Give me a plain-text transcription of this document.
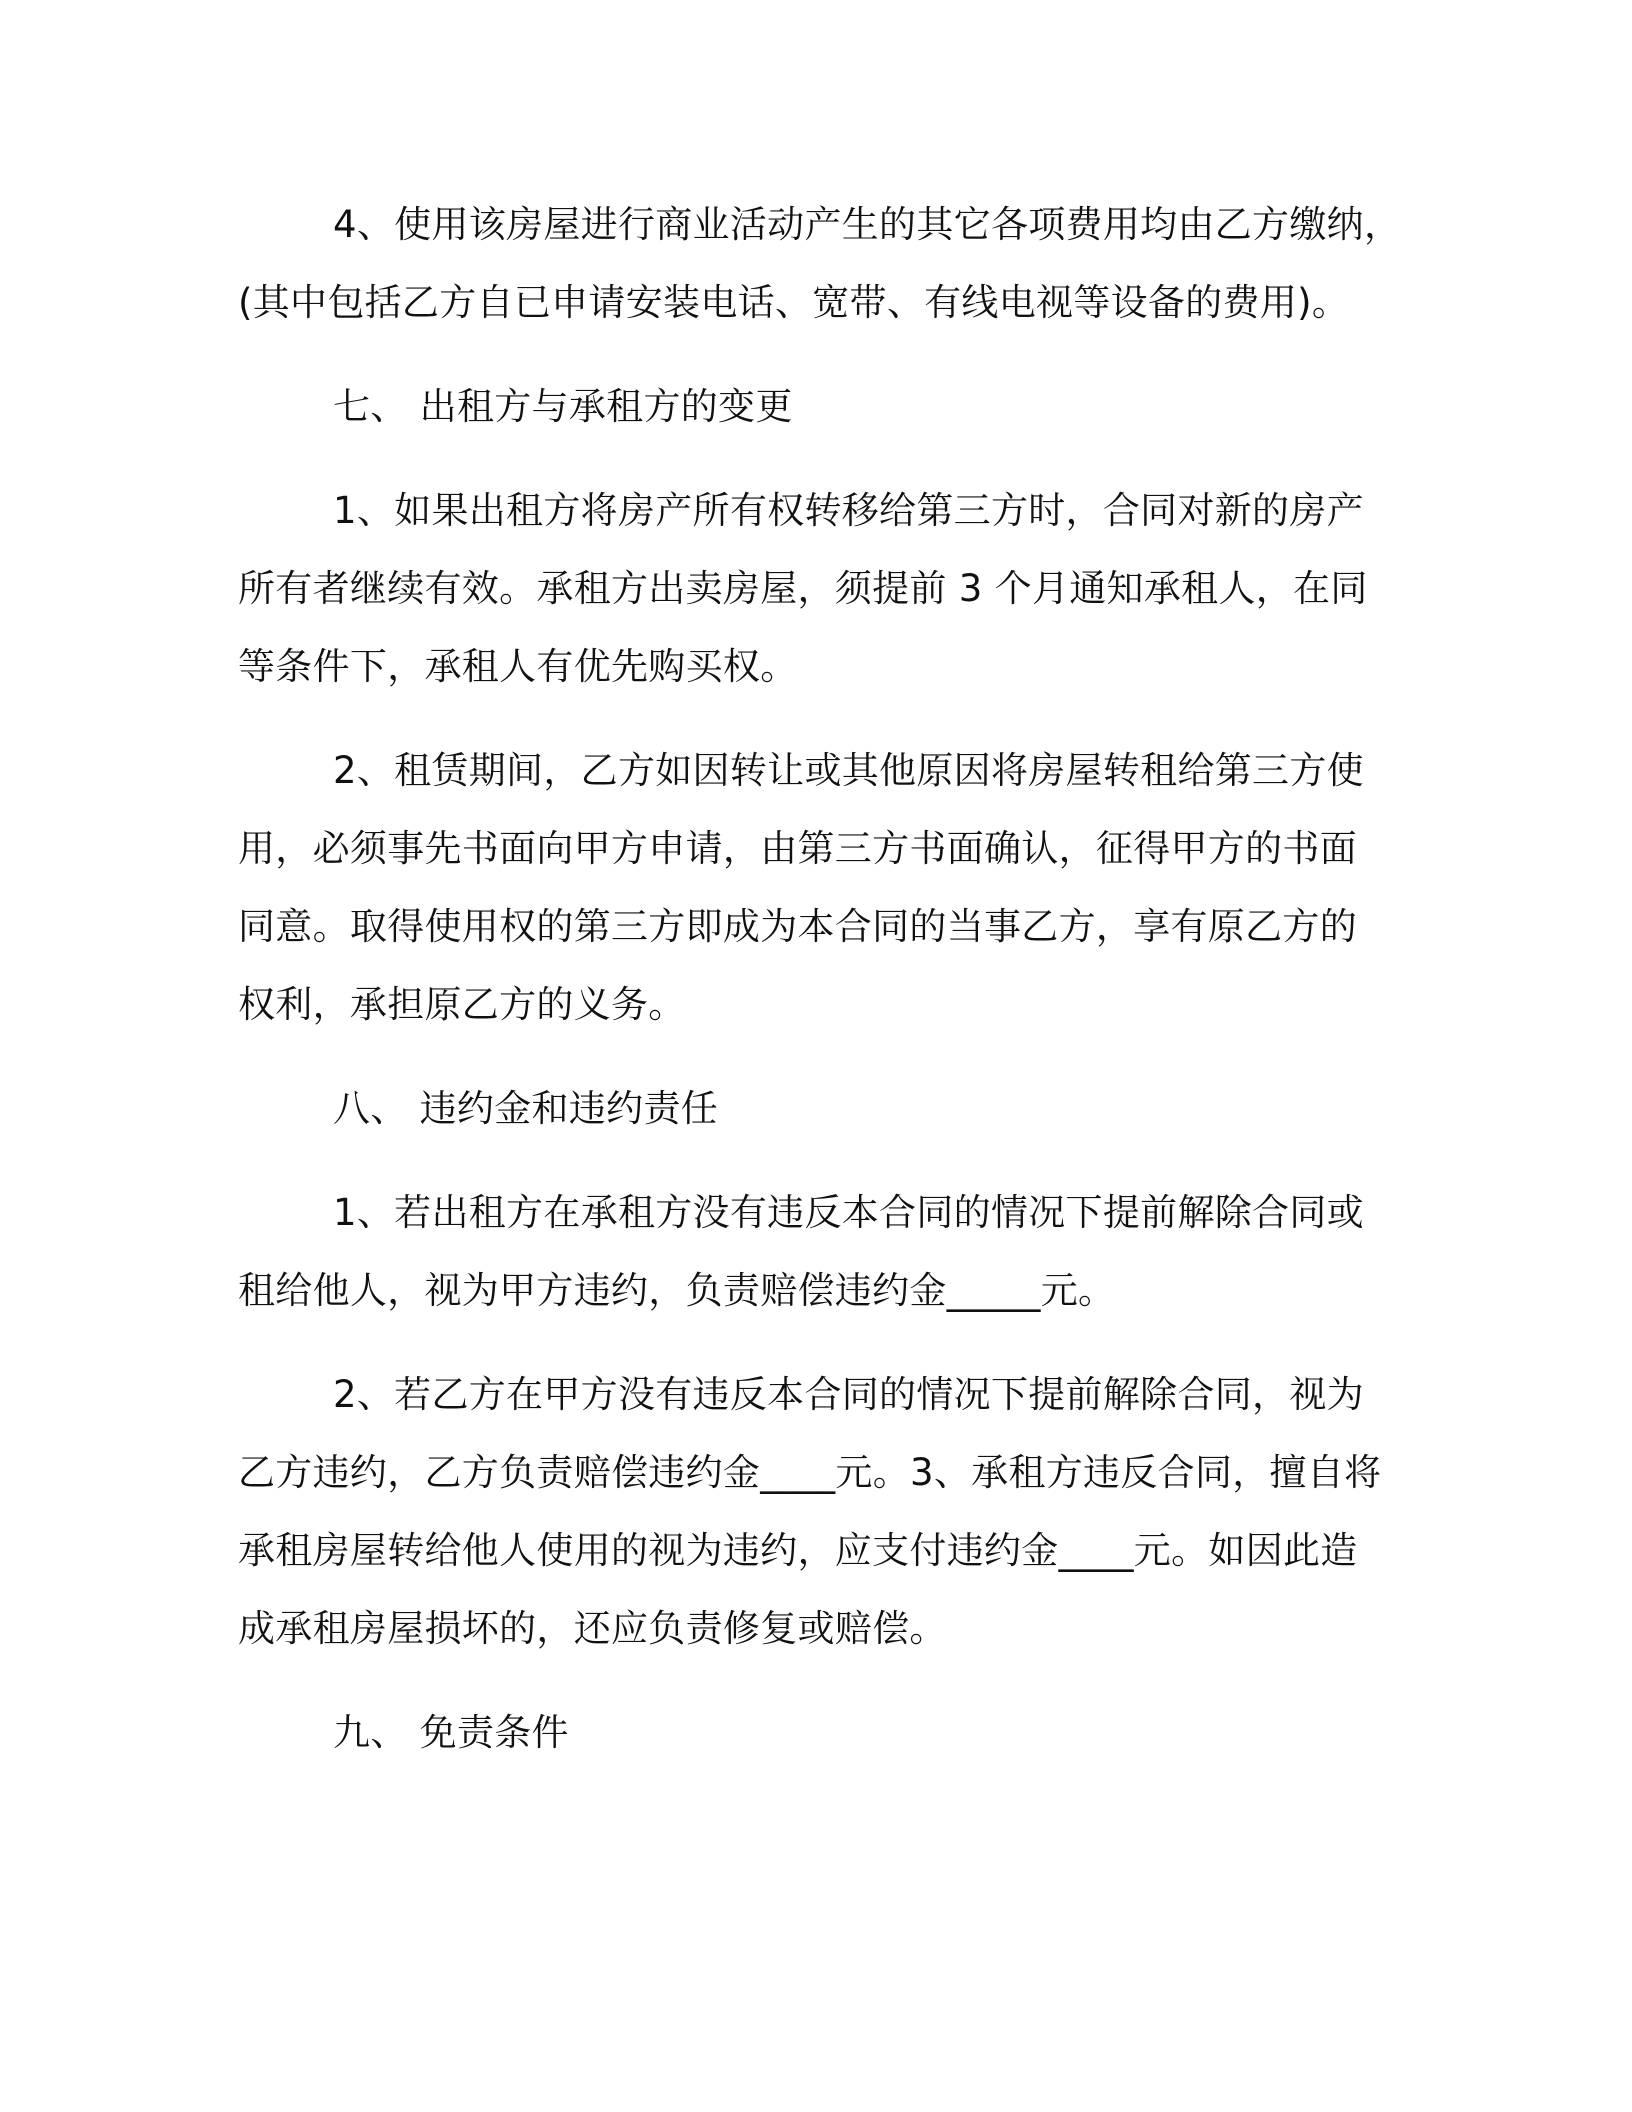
4、使用该房屋进行商业活动产生的其它各项费用均由乙方缴纳，
(其中包括乙方自已申请安装电话、宽带、有线电视等设备的费用)。
七、 出租方与承租方的变更
1、如果出租方将房产所有权转移给第三方时，合同对新的房产
所有者继续有效。承租方出卖房屋，须提前 3 个月通知承租人，在同
等条件下，承租人有优先购买权。
2、租赁期间，乙方如因转让或其他原因将房屋转租给第三方使
用，必须事先书面向甲方申请，由第三方书面确认，征得甲方的书面
同意。取得使用权的第三方即成为本合同的当事乙方，享有原乙方的
权利，承担原乙方的义务。
八、 违约金和违约责任
1、若出租方在承租方没有违反本合同的情况下提前解除合同或
租给他人，视为甲方违约，负责赔偿违约金_____元。
2、若乙方在甲方没有违反本合同的情况下提前解除合同，视为
乙方违约，乙方负责赔偿违约金____元。3、承租方违反合同，擅自将
承租房屋转给他人使用的视为违约，应支付违约金____元。如因此造
成承租房屋损坏的，还应负责修复或赔偿。
九、 免责条件
